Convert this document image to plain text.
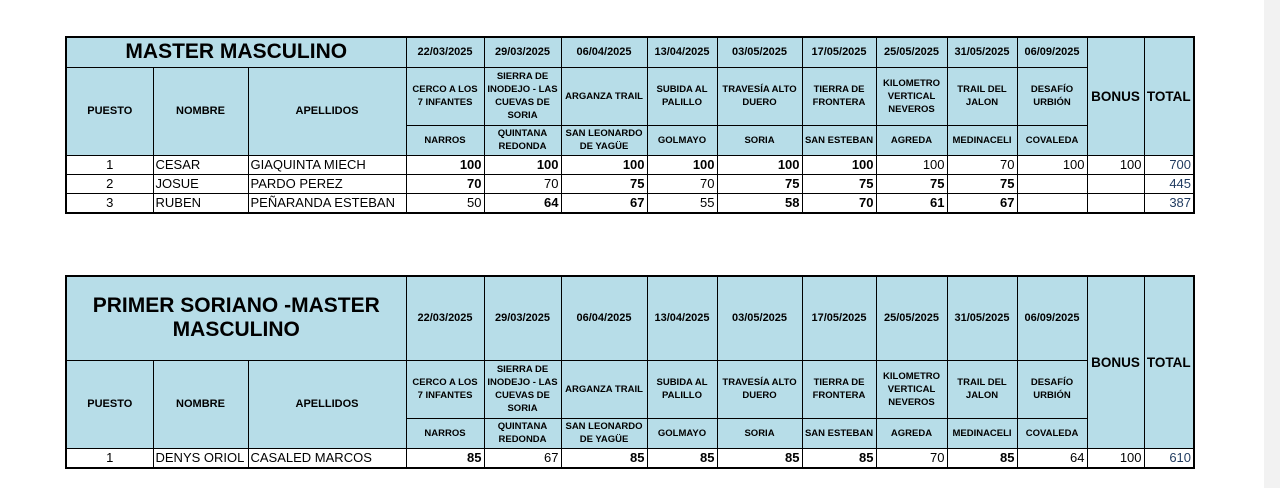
MASTER MASCULINO			22/03/2025	29/03/2025	06/04/2025	13/04/2025	03/05/2025	17/05/2025	25/05/2025	31/05/2025	06/09/2025	BONUS	TOTAL
PUESTO	NOMBRE	APELLIDOS	CERCO A LOS 7 INFANTES	SIERRA DE INODEJO - LAS CUEVAS DE SORIA	ARGANZA TRAIL	SUBIDA AL PALILLO	TRAVESÍA ALTO DUERO	TIERRA DE FRONTERA	KILOMETRO VERTICAL NEVEROS	TRAIL DEL JALON	DESAFÍO URBIÓN		
			NARROS	QUINTANA REDONDA	SAN LEONARDO DE YAGÜE	GOLMAYO	SORIA	SAN ESTEBAN	AGREDA	MEDINACELI	COVALEDA		
1	CESAR	GIAQUINTA MIECH	100	100	100	100	100	100	100	70	100	100	700
2	JOSUE	PARDO PEREZ	70	70	75	70	75	75	75	75			445
3	RUBEN	PEÑARANDA ESTEBAN	50	64	67	55	58	70	61	67			387
PRIMER SORIANO -MASTER MASCULINO			22/03/2025	29/03/2025	06/04/2025	13/04/2025	03/05/2025	17/05/2025	25/05/2025	31/05/2025	06/09/2025	BONUS	TOTAL
PUESTO	NOMBRE	APELLIDOS	CERCO A LOS 7 INFANTES	SIERRA DE INODEJO - LAS CUEVAS DE SORIA	ARGANZA TRAIL	SUBIDA AL PALILLO	TRAVESÍA ALTO DUERO	TIERRA DE FRONTERA	KILOMETRO VERTICAL NEVEROS	TRAIL DEL JALON	DESAFÍO URBIÓN		
			NARROS	QUINTANA REDONDA	SAN LEONARDO DE YAGÜE	GOLMAYO	SORIA	SAN ESTEBAN	AGREDA	MEDINACELI	COVALEDA		
1	DENYS ORIOL	CASALED MARCOS	85	67	85	85	85	85	70	85	64	100	610
